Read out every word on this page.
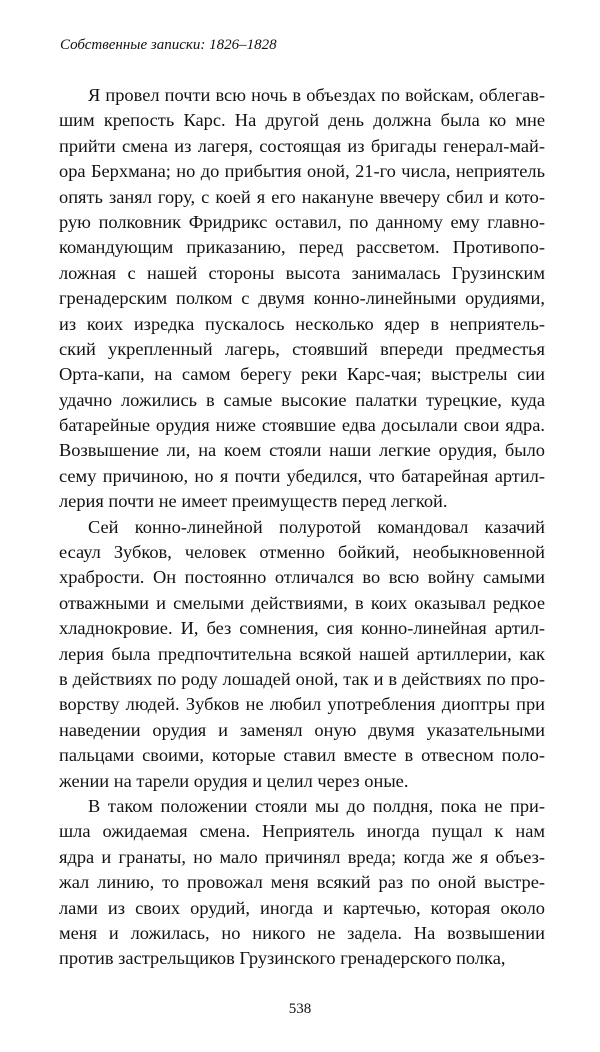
Собственные записки: 1826–1828
Я провел почти всю ночь в объездах по войскам, облегав-
шим крепость Карс. На другой день должна была ко мне
прийти смена из лагеря, состоящая из бригады генерал-май-
ора Берхмана; но до прибытия оной, 21-го числа, неприятель
опять занял гору, с коей я его накануне ввечеру сбил и кото-
рую полковник Фридрикс оставил, по данному ему главно-
командующим приказанию, перед рассветом. Противопо-
ложная с нашей стороны высота занималась Грузинским
гренадерским полком с двумя конно-линейными орудиями,
из коих изредка пускалось несколько ядер в неприятель-
ский укрепленный лагерь, стоявший впереди предместья
Орта-капи, на самом берегу реки Карс-чая; выстрелы сии
удачно ложились в самые высокие палатки турецкие, куда
батарейные орудия ниже стоявшие едва досылали свои ядра.
Возвышение ли, на коем стояли наши легкие орудия, было
сему причиною, но я почти убедился, что батарейная артил-
лерия почти не имеет преимуществ перед легкой.
Сей конно-линейной полуротой командовал казачий
есаул Зубков, человек отменно бойкий, необыкновенной
храбрости. Он постоянно отличался во всю войну самыми
отважными и смелыми действиями, в коих оказывал редкое
хладнокровие. И, без сомнения, сия конно-линейная артил-
лерия была предпочтительна всякой нашей артиллерии, как
в действиях по роду лошадей оной, так и в действиях по про-
ворству людей. Зубков не любил употребления диоптры при
наведении орудия и заменял оную двумя указательными
пальцами своими, которые ставил вместе в отвесном поло-
жении на тарели орудия и целил через оные.
В таком положении стояли мы до полдня, пока не при-
шла ожидаемая смена. Неприятель иногда пущал к нам
ядра и гранаты, но мало причинял вреда; когда же я объез-
жал линию, то провожал меня всякий раз по оной выстре-
лами из своих орудий, иногда и картечью, которая около
меня и ложилась, но никого не задела. На возвышении
против застрельщиков Грузинского гренадерского полка,
538
